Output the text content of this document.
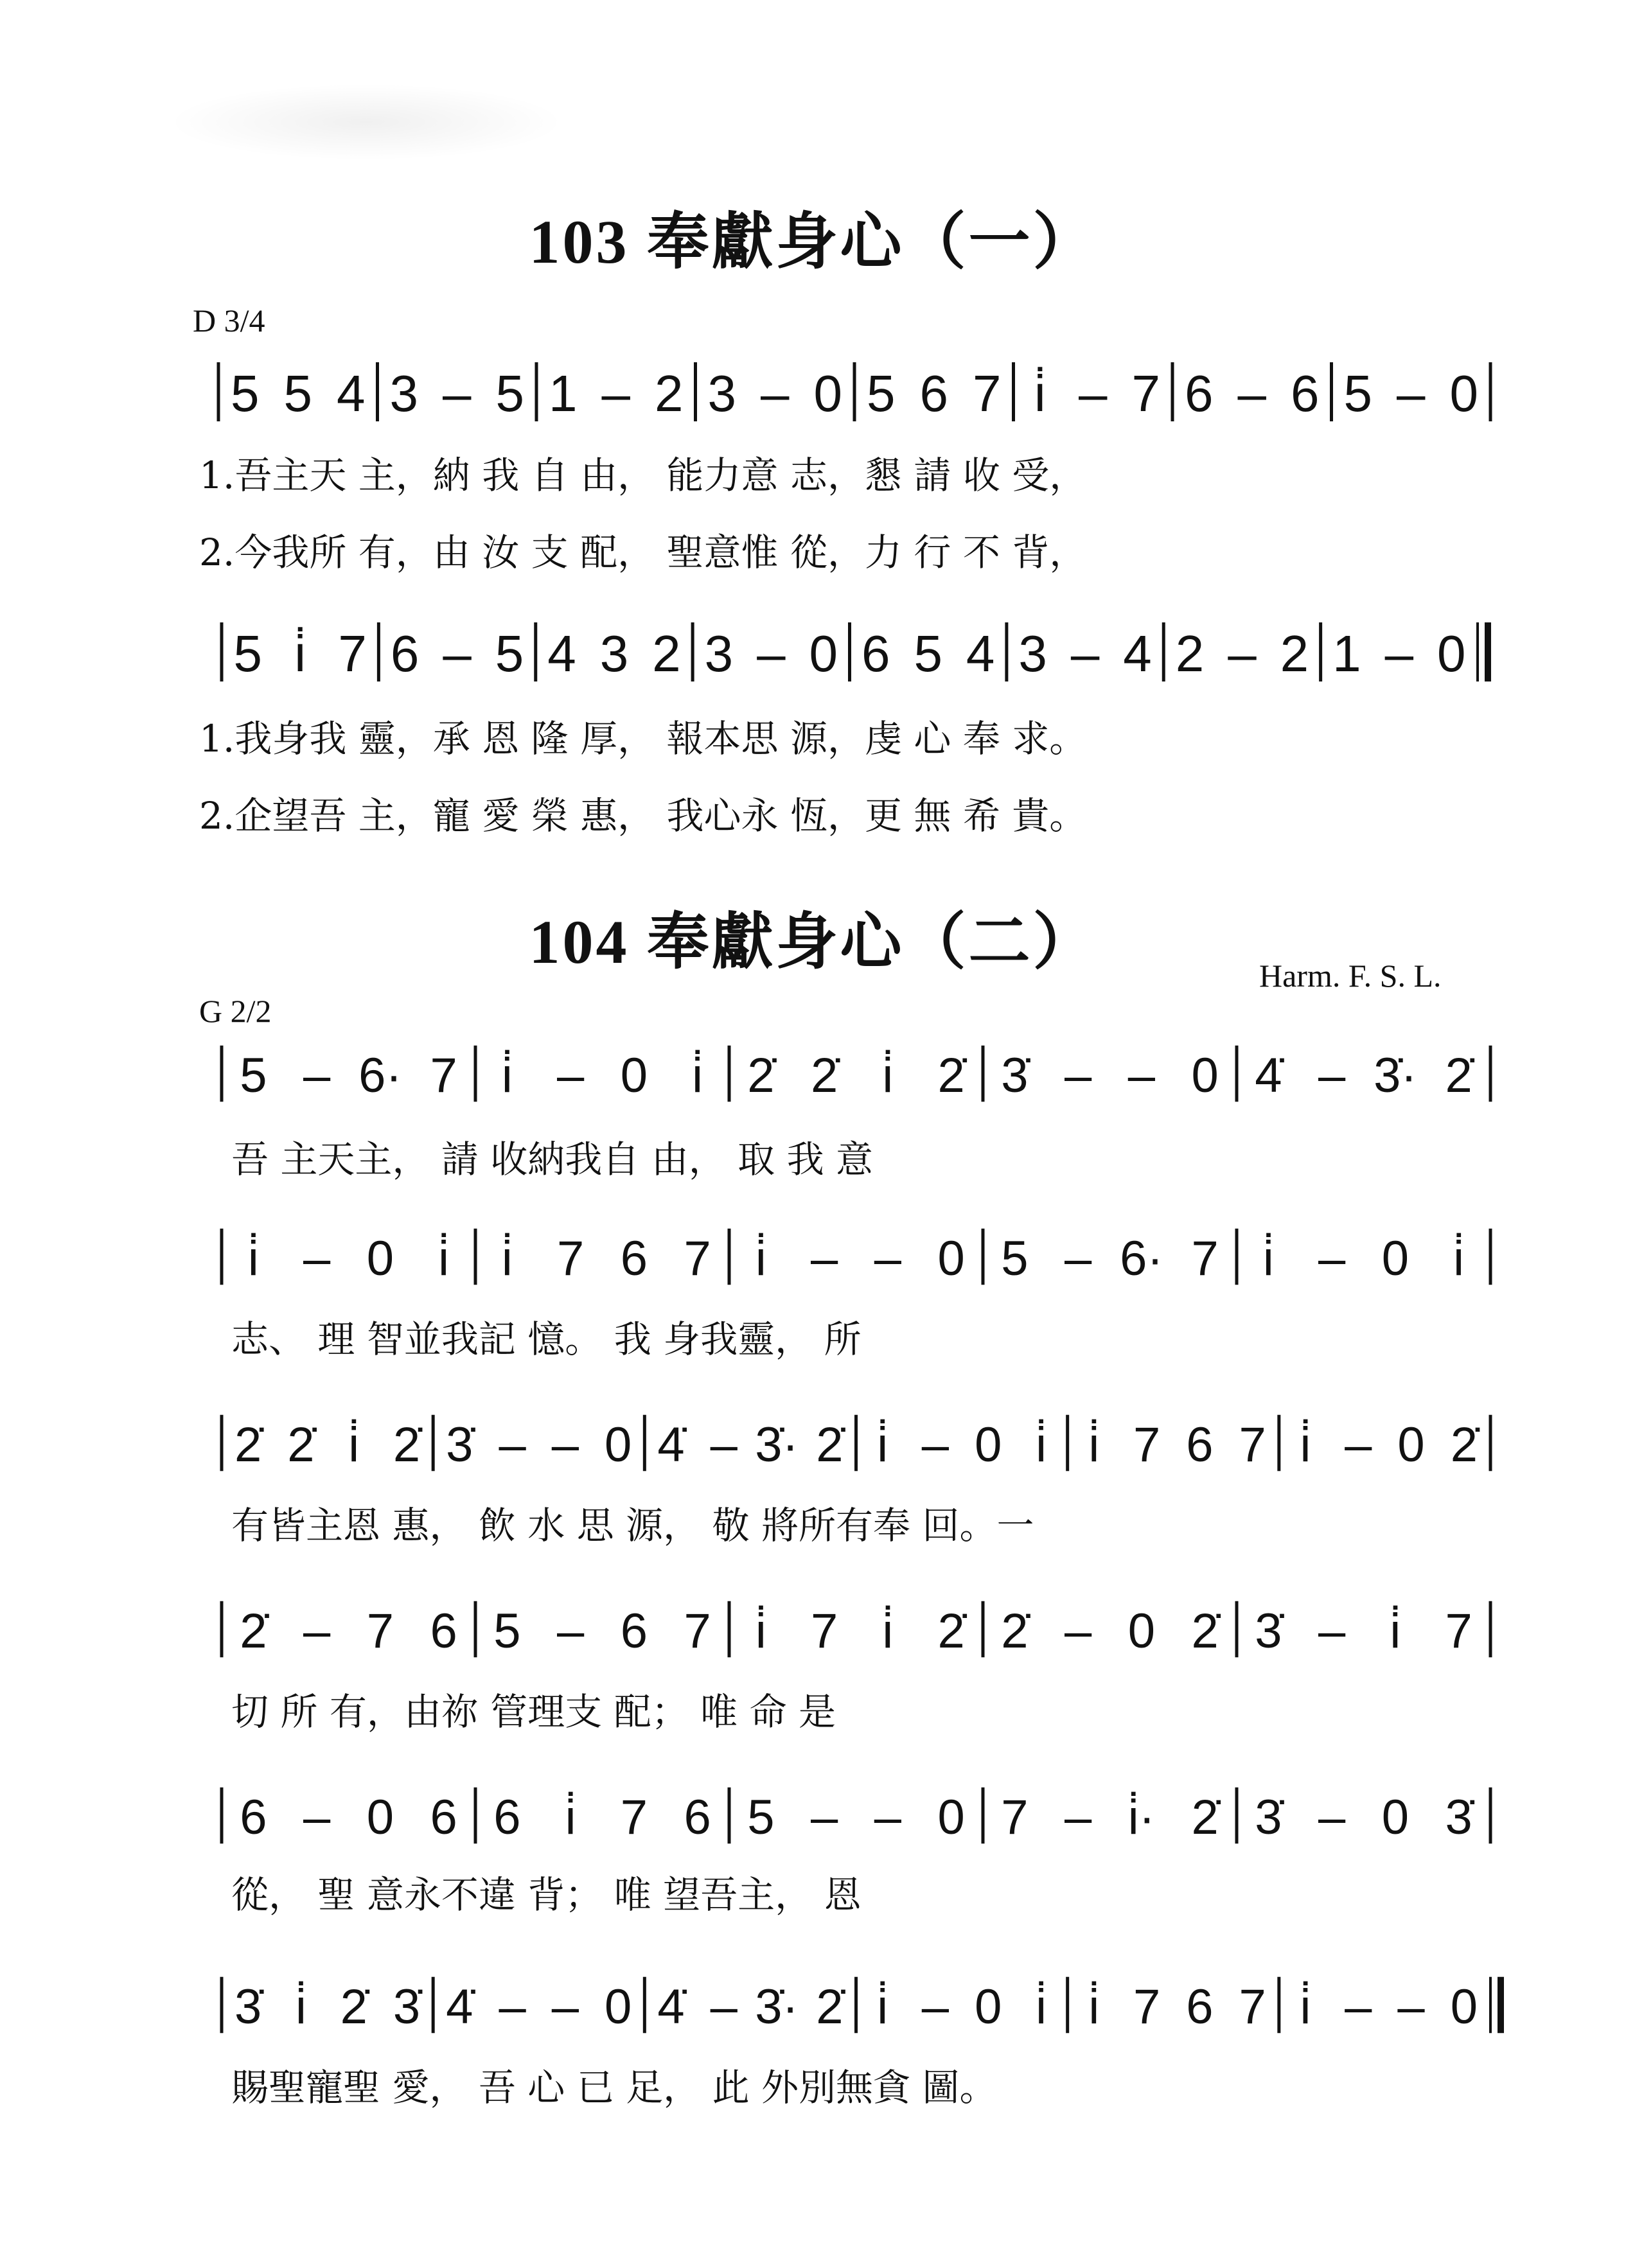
103 奉獻身心（一）
D 3/4
5 5 4 3 – 5 1 – 2 3 – 0 5 6 7 i̇ – 7 6 – 6 5 – 0
5 i̇ 7 6 – 5 4 3 2 3 – 0 6 5 4 3 – 4 2 – 2 1 – 0
5 – 6· 7 i̇ – 0 i̇ 2̇ 2̇ i̇ 2̇ 3̇ – – 0 4̇ – 3̇· 2̇
i̇ – 0 i̇ i̇ 7 6 7 i̇ – – 0 5 – 6· 7 i̇ – 0 i̇
2̇ 2̇ i̇ 2̇ 3̇ – – 0 4̇ – 3̇· 2̇ i̇ – 0 i̇ i̇ 7 6 7 i̇ – 0 2̇
2̇ – 7 6 5 – 6 7 i̇ 7 i̇ 2̇ 2̇ – 0 2̇ 3̇ – i̇ 7
6 – 0 6 6 i̇ 7 6 5 – – 0 7 – i̇· 2̇ 3̇ – 0 3̇
3̇ i̇ 2̇ 3̇ 4̇ – – 0 4̇ – 3̇· 2̇ i̇ – 0 i̇ i̇ 7 6 7 i̇ – – 0
1.吾主天 主，納 我 自 由， 能力意 志，懇 請 收 受，
2.今我所 有，由 汝 支 配， 聖意惟 從，力 行 不 背，
1.我身我 靈，承 恩 隆 厚， 報本思 源，虔 心 奉 求。
2.企望吾 主，寵 愛 榮 惠， 我心永 恆，更 無 希 貴。
104 奉獻身心（二）	Harm. F. S. L.
G 2/2
吾 主天主， 請 收納我自 由， 取 我 意
志、 理 智並我記 憶。 我 身我靈， 所
有皆主恩 惠， 飲 水 思 源， 敬 將所有奉 回。一
切 所 有，由祢 管理支 配； 唯 命 是
從， 聖 意永不違 背； 唯 望吾主， 恩
賜聖寵聖 愛， 吾 心 已 足， 此 外別無貪 圖。
